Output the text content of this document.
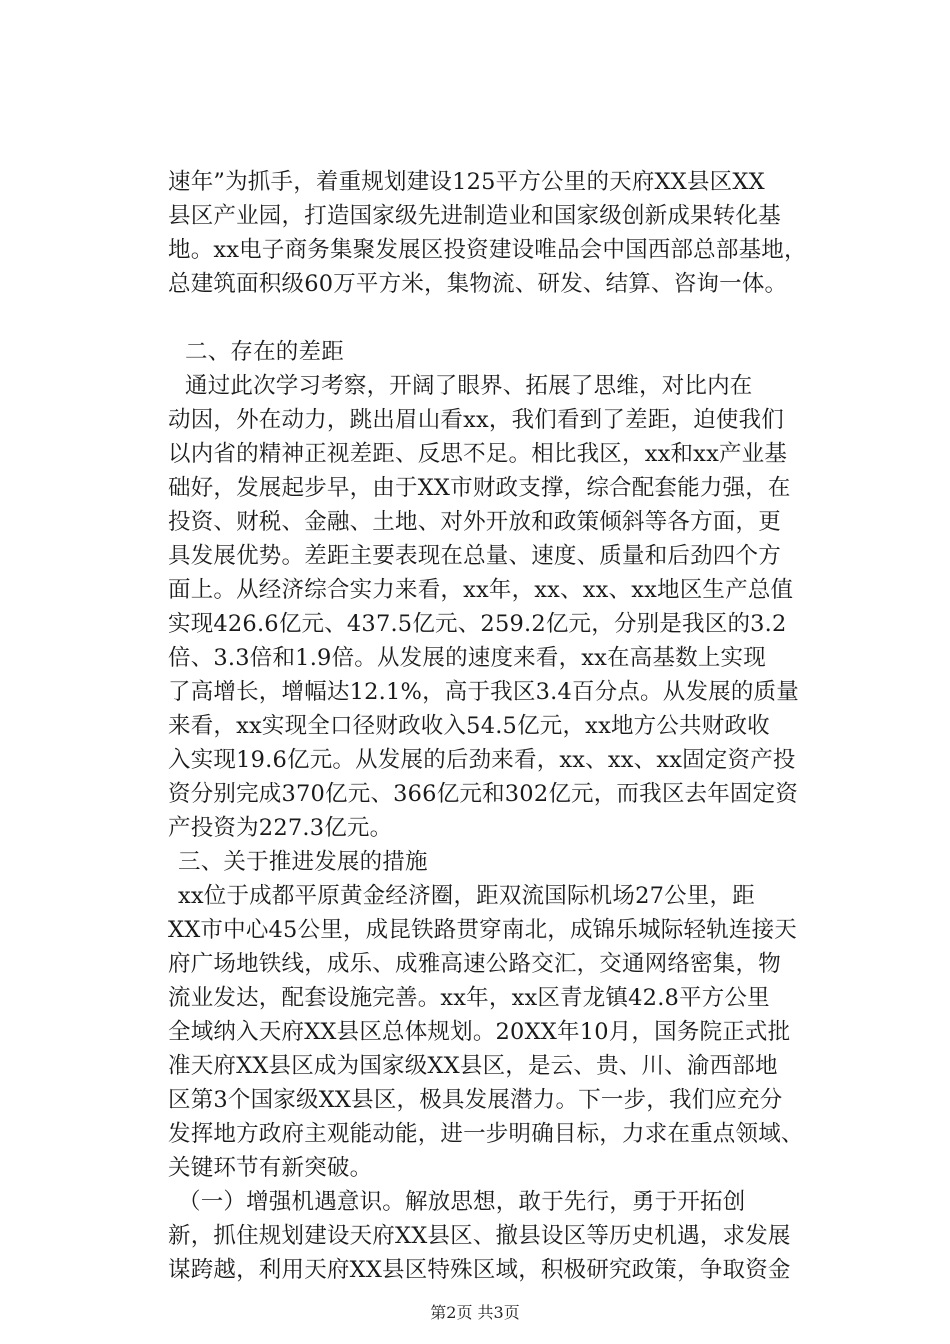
速年”为抓手，着重规划建设125平方公里的天府XX县区XX
县区产业园，打造国家级先进制造业和国家级创新成果转化基
地。xx电子商务集聚发展区投资建设唯品会中国西部总部基地，
总建筑面积级60万平方米，集物流、研发、结算、咨询一体。
二、存在的差距
通过此次学习考察，开阔了眼界、拓展了思维，对比内在
动因，外在动力，跳出眉山看xx，我们看到了差距，迫使我们
以内省的精神正视差距、反思不足。相比我区，xx和xx产业基
础好，发展起步早，由于XX市财政支撑，综合配套能力强，在
投资、财税、金融、土地、对外开放和政策倾斜等各方面，更
具发展优势。差距主要表现在总量、速度、质量和后劲四个方
面上。从经济综合实力来看，xx年，xx、xx、xx地区生产总值
实现426.6亿元、437.5亿元、259.2亿元，分别是我区的3.2
倍、3.3倍和1.9倍。从发展的速度来看，xx在高基数上实现
了高增长，增幅达12.1%，高于我区3.4百分点。从发展的质量
来看，xx实现全口径财政收入54.5亿元，xx地方公共财政收
入实现19.6亿元。从发展的后劲来看，xx、xx、xx固定资产投
资分别完成370亿元、366亿元和302亿元，而我区去年固定资
产投资为227.3亿元。
三、关于推进发展的措施
xx位于成都平原黄金经济圈，距双流国际机场27公里，距
XX市中心45公里，成昆铁路贯穿南北，成锦乐城际轻轨连接天
府广场地铁线，成乐、成雅高速公路交汇，交通网络密集，物
流业发达，配套设施完善。xx年，xx区青龙镇42.8平方公里
全域纳入天府XX县区总体规划。20XX年10月，国务院正式批
准天府XX县区成为国家级XX县区，是云、贵、川、渝西部地
区第3个国家级XX县区，极具发展潜力。下一步，我们应充分
发挥地方政府主观能动能，进一步明确目标，力求在重点领域、
关键环节有新突破。
（一）增强机遇意识。解放思想，敢于先行，勇于开拓创
新，抓住规划建设天府XX县区、撤县设区等历史机遇，求发展
谋跨越，利用天府XX县区特殊区域，积极研究政策，争取资金
第2页 共3页
